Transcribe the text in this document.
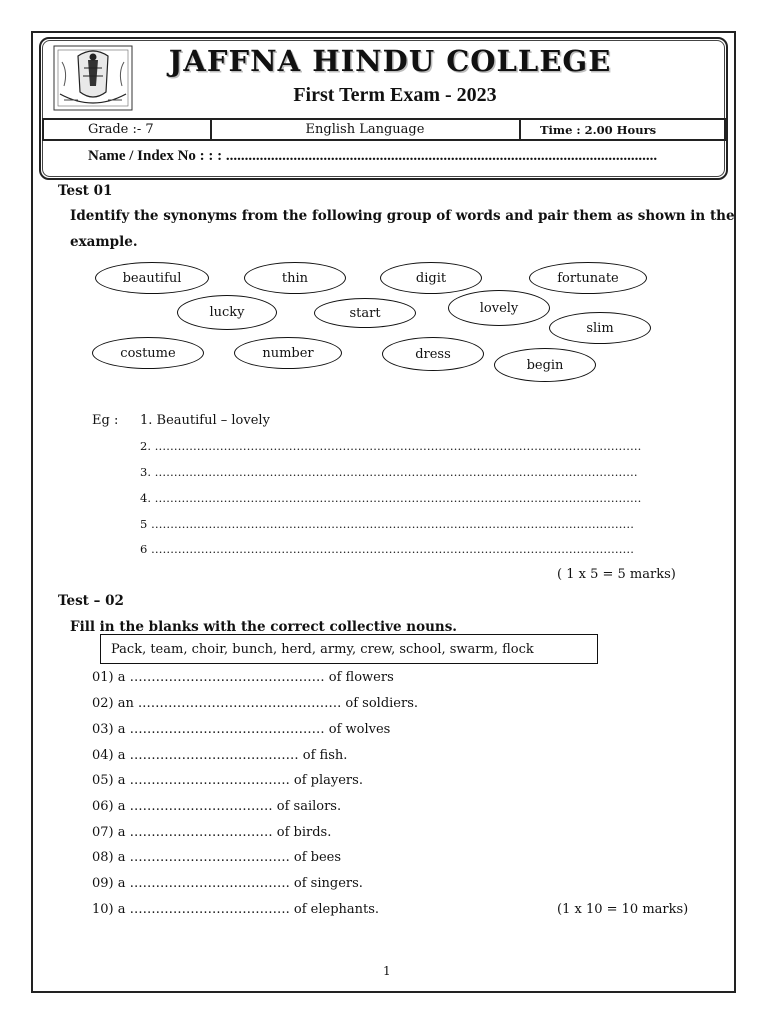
JAFFNA HINDU COLLEGE
First Term Exam - 2023
Grade :- 7	English Language	Time : 2.00 Hours
Name / Index No : : : ...................................................................................................................
Test 01
Identify the synonyms from the following group of words and pair them as shown in the
example.
beautiful	thin	digit	fortunate
lucky	start	lovely
slim
costume	number	dress
begin
Eg : 1. Beautiful – lovely
2. ……………………………………………………………………………………………………………….
3. ………………………………………………………………………………………………………………
4. ……………………………………………………………………………………………………………….
5 ………………………………………………………………………………………………………………
6 ………………………………………………………………………………………………………………
( 1 x 5 = 5 marks)
Test – 02
Fill in the blanks with the correct collective nouns.
Pack, team, choir, bunch, herd, army, crew, school, swarm, flock
01) a ……………………………………… of flowers
02) an .………………………………………. of soldiers.
03) a ……………………………………… of wolves
04) a ………………………………… of fish.
05) a ………………………………. of players.
06) a …………………………… of sailors.
07) a …………………………… of birds.
08) a ………………………………. of bees
09) a ………………………………. of singers.
10) a ………………………………. of elephants.	(1 x 10 = 10 marks)
1
